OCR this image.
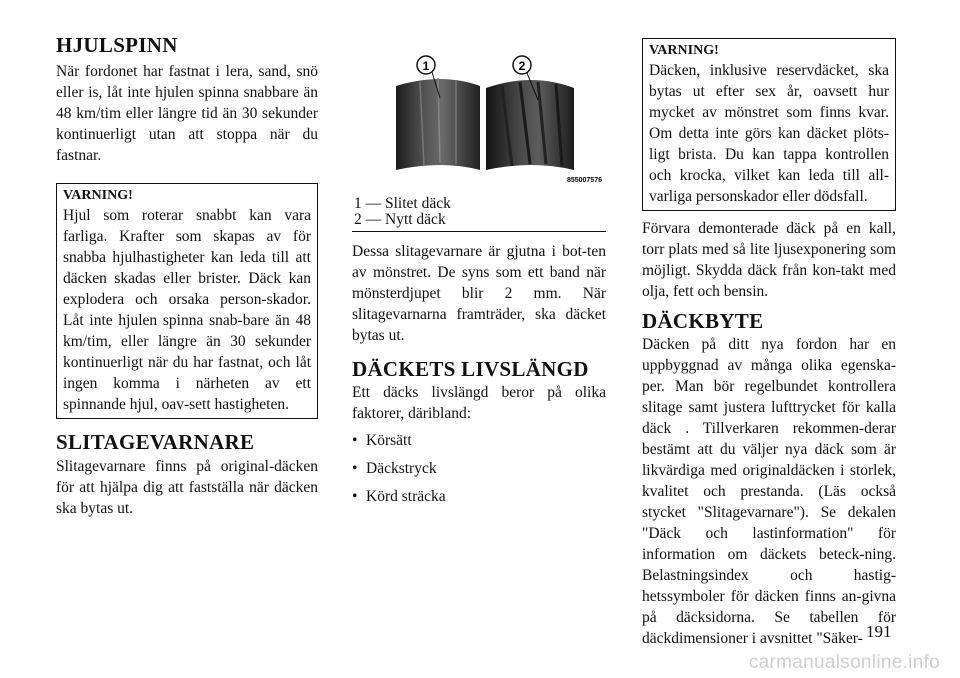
HJULSPINN

När fordonet har fastnat i lera, sand, snö eller is, låt inte hjulen spinna snabbare än 48 km/tim eller längre tid än 30 sekunder kontinuerligt utan att stoppa när du fastnar.

VARNING!

Hjul som roterar snabbt kan vara farliga. Krafter som skapas av för snabba hjulhastigheter kan leda till att däcken skadas eller brister. Däck kan explodera och orsaka person-skador. Låt inte hjulen spinna snab-bare än 48 km/tim, eller längre än 30 sekunder kontinuerligt när du har fastnat, och låt ingen komma i närheten av ett spinnande hjul, oav-sett hastigheten.

SLITAGEVARNARE

Slitagevarnare finns på original-däcken för att hjälpa dig att fastställa när däcken ska bytas ut.

1	2
855007576
1 — Slitet däck
2 — Nytt däck

Dessa slitagevarnare är gjutna i bot-ten av mönstret. De syns som ett band när mönsterdjupet blir 2 mm. När slitagevarnarna framträder, ska däcket bytas ut.

DÄCKETS LIVSLÄNGD

Ett däcks livslängd beror på olika faktorer, däribland:

• Körsätt
• Däckstryck
• Körd sträcka
VARNING!

Däcken, inklusive reservdäcket, ska bytas ut efter sex år, oavsett hur mycket av mönstret som finns kvar. Om detta inte görs kan däcket plöts-ligt brista. Du kan tappa kontrollen och krocka, vilket kan leda till all-varliga personskador eller dödsfall.

Förvara demonterade däck på en kall, torr plats med så lite ljusexponering som möjligt. Skydda däck från kon-takt med olja, fett och bensin.

DÄCKBYTE

Däcken på ditt nya fordon har en uppbyggnad av många olika egenska-per. Man bör regelbundet kontrollera slitage samt justera lufttrycket för kalla däck . Tillverkaren rekommen-derar bestämt att du väljer nya däck som är likvärdiga med originaldäcken i storlek, kvalitet och prestanda. (Läs också stycket "Slitagevarnare"). Se dekalen "Däck och lastinformation" för information om däckets beteck-ning. Belastningsindex och hastig-hetssymboler för däcken finns an-givna på däcksidorna. Se tabellen för däckdimensioner i avsnittet "Säker- 191
carmanualsonline.info
